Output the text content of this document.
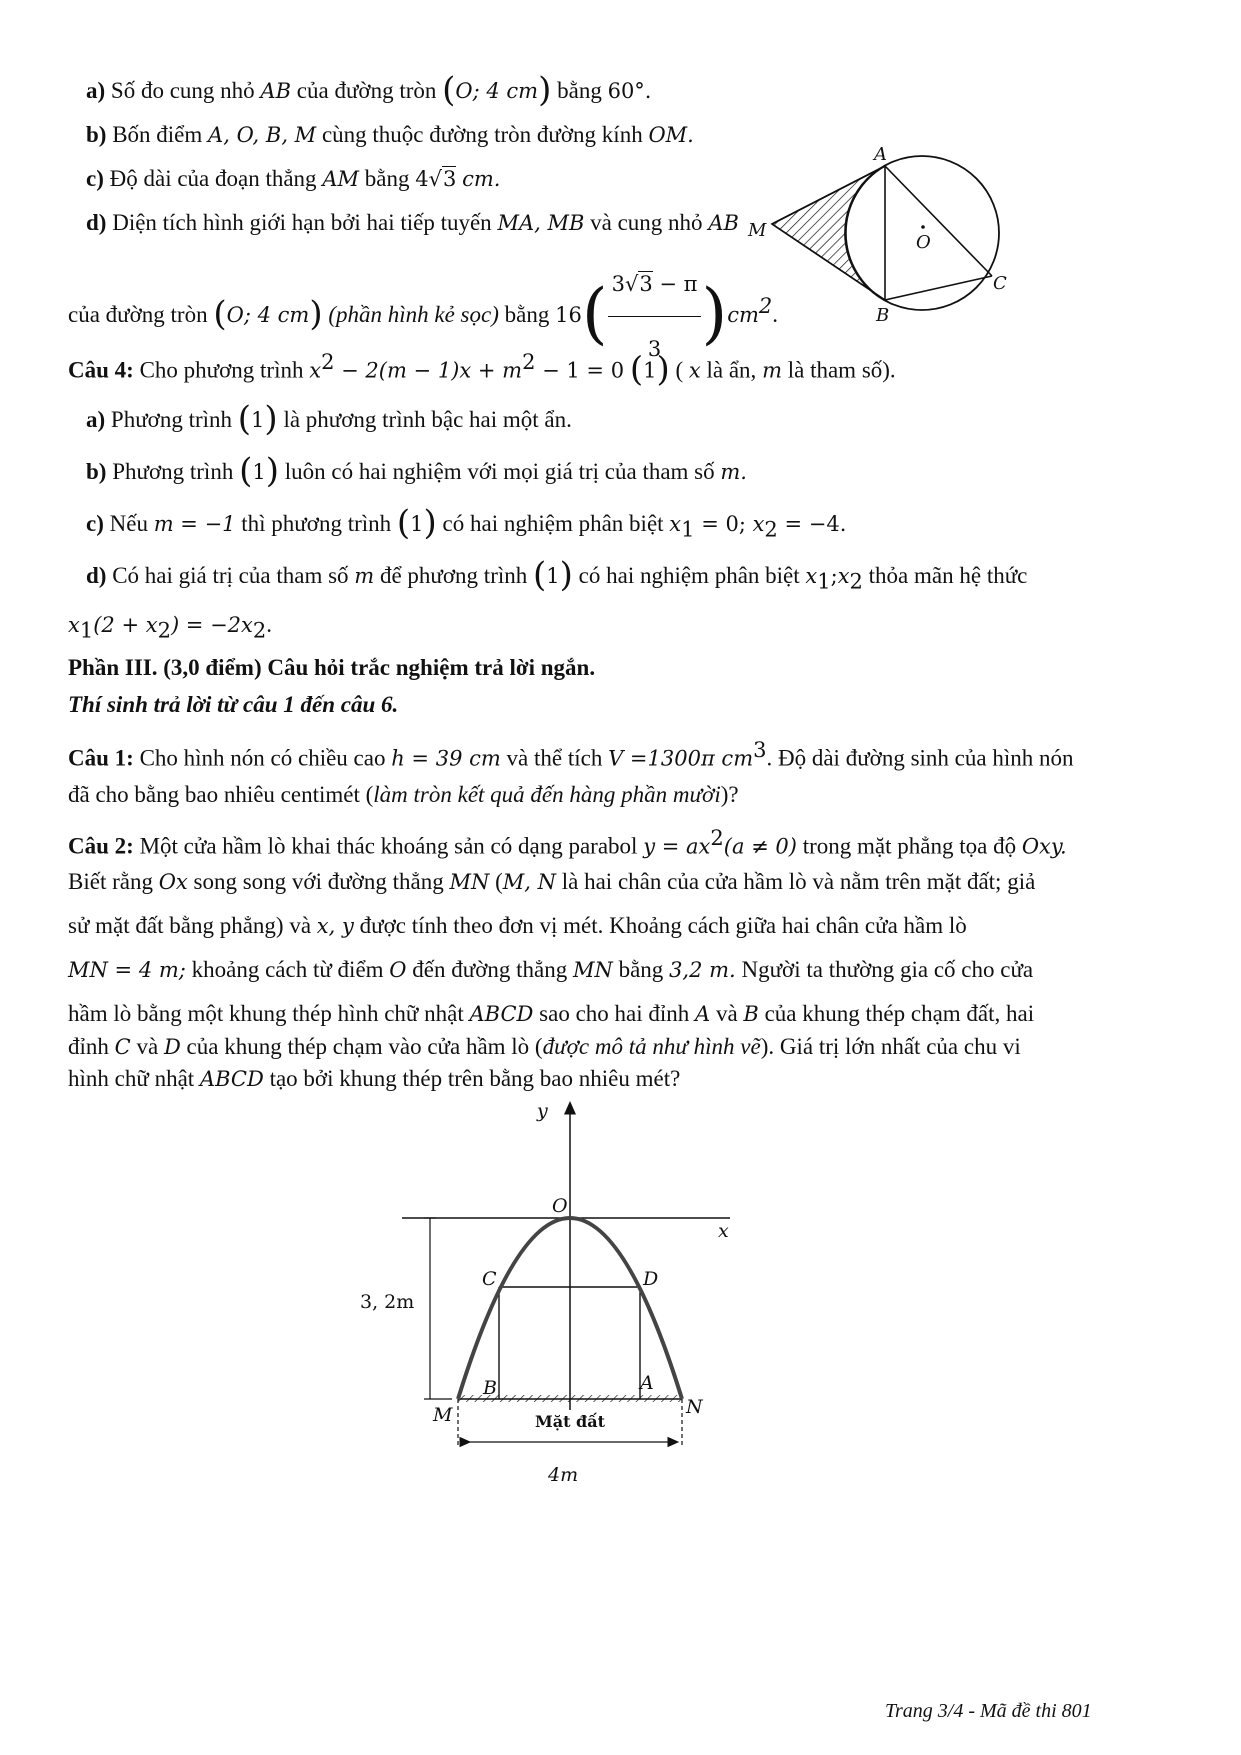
a) Số đo cung nhỏ AB của đường tròn (O; 4 cm) bằng 60°.
b) Bốn điểm A, O, B, M cùng thuộc đường tròn đường kính OM.
c) Độ dài của đoạn thẳng AM bằng 4√3 cm.
d) Diện tích hình giới hạn bởi hai tiếp tuyến MA, MB và cung nhỏ AB
của đường tròn (O; 4 cm) (phần hình kẻ sọc) bằng $16( \frac{3√3 - \pi}{3} )cm^2$.
A
M
O
C
B
Câu 4: Cho phương trình $x^2 - 2(m - 1)x + m^2 - 1 = 0$ (1) ( x là ẩn, m là tham số).
a) Phương trình (1) là phương trình bậc hai một ẩn.
b) Phương trình (1) luôn có hai nghiệm với mọi giá trị của tham số m.
c) Nếu m = −1 thì phương trình (1) có hai nghiệm phân biệt $x_1 = 0$; $x_2 = -4$.
d) Có hai giá trị của tham số m để phương trình (1) có hai nghiệm phân biệt $x_1;x_2$ thỏa mãn hệ thức
$x_1(2 + x_2) = -2x_2$.
Phần III. (3,0 điểm) Câu hỏi trắc nghiệm trả lời ngắn.
Thí sinh trả lời từ câu 1 đến câu 6.
Câu 1: Cho hình nón có chiều cao h = 39 cm và thể tích V =1300π $cm^3$. Độ dài đường sinh của hình nón
đã cho bằng bao nhiêu centimét (làm tròn kết quả đến hàng phần mười)?
Câu 2: Một cửa hầm lò khai thác khoáng sản có dạng parabol $y = ax^2(a \ne 0)$ trong mặt phẳng tọa độ Oxy.
Biết rằng Ox song song với đường thẳng MN (M, N là hai chân của cửa hầm lò và nằm trên mặt đất; giả
sử mặt đất bằng phẳng) và x, y được tính theo đơn vị mét. Khoảng cách giữa hai chân cửa hầm lò
MN = 4 m; khoảng cách từ điểm O đến đường thẳng MN bằng 3,2 m. Người ta thường gia cố cho cửa
hầm lò bằng một khung thép hình chữ nhật ABCD sao cho hai đỉnh A và B của khung thép chạm đất, hai
đỉnh C và D của khung thép chạm vào cửa hầm lò (được mô tả như hình vẽ). Giá trị lớn nhất của chu vi
hình chữ nhật ABCD tạo bởi khung thép trên bằng bao nhiêu mét?
y
x
O
C	D
B	A
M	N
3, 2m
Mặt đất
4m
Trang 3/4 - Mã đề thi 801
